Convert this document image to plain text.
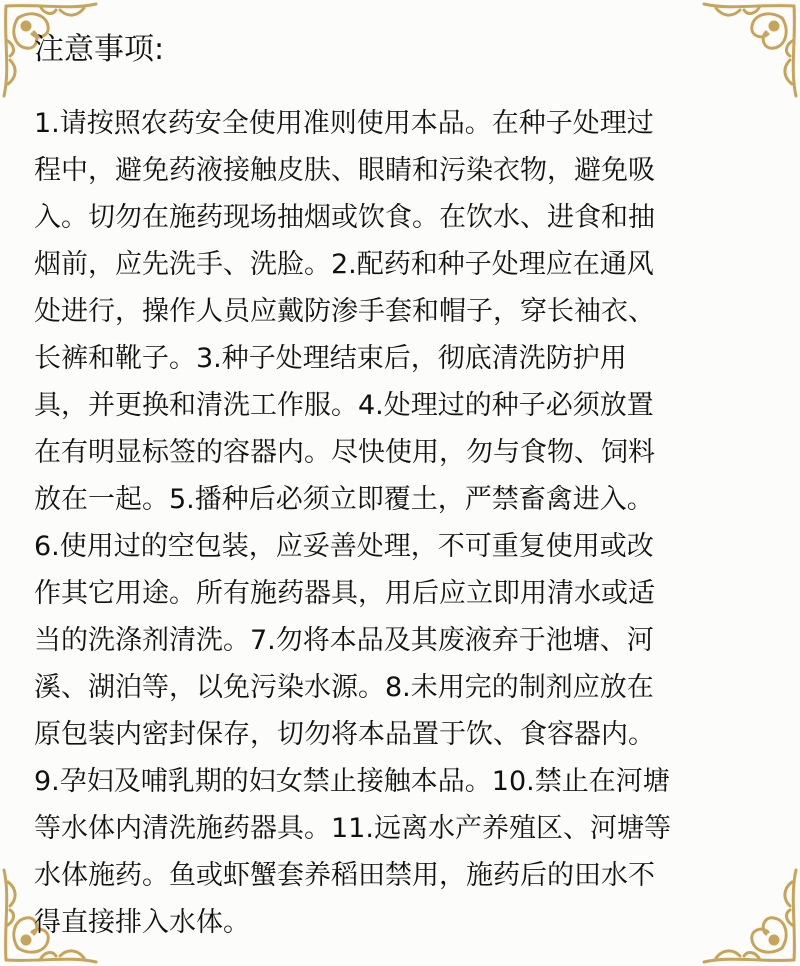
注意事项:
1.请按照农药安全使用准则使用本品。在种子处理过
程中，避免药液接触皮肤、眼睛和污染衣物，避免吸
入。切勿在施药现场抽烟或饮食。在饮水、进食和抽
烟前，应先洗手、洗脸。2.配药和种子处理应在通风
处进行，操作人员应戴防渗手套和帽子，穿长袖衣、
长裤和靴子。3.种子处理结束后，彻底清洗防护用
具，并更换和清洗工作服。4.处理过的种子必须放置
在有明显标签的容器内。尽快使用，勿与食物、饲料
放在一起。5.播种后必须立即覆土，严禁畜禽进入。
6.使用过的空包装，应妥善处理，不可重复使用或改
作其它用途。所有施药器具，用后应立即用清水或适
当的洗涤剂清洗。7.勿将本品及其废液弃于池塘、河
溪、湖泊等，以免污染水源。8.未用完的制剂应放在
原包装内密封保存，切勿将本品置于饮、食容器内。
9.孕妇及哺乳期的妇女禁止接触本品。10.禁止在河塘
等水体内清洗施药器具。11.远离水产养殖区、河塘等
水体施药。鱼或虾蟹套养稻田禁用，施药后的田水不
得直接排入水体。
